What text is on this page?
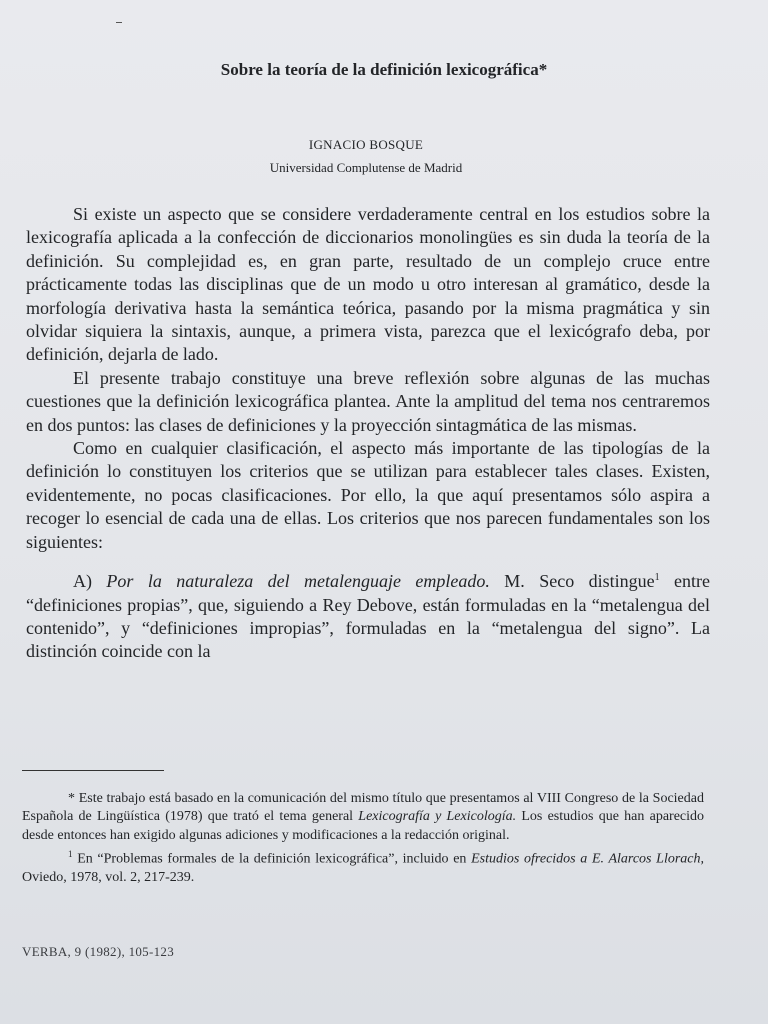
Sobre la teoría de la definición lexicográfica*
IGNACIO BOSQUE
Universidad Complutense de Madrid

Si existe un aspecto que se considere verdaderamente central en los estudios sobre la lexicografía aplicada a la confección de diccionarios monolingües es sin duda la teoría de la definición. Su complejidad es, en gran parte, resultado de un complejo cruce entre prácticamente todas las disciplinas que de un modo u otro interesan al gramático, desde la morfología derivativa hasta la semántica teórica, pasando por la misma pragmática y sin olvidar siquiera la sintaxis, aunque, a primera vista, parezca que el lexicógrafo deba, por definición, dejarla de lado.

El presente trabajo constituye una breve reflexión sobre algunas de las muchas cuestiones que la definición lexicográfica plantea. Ante la amplitud del tema nos centraremos en dos puntos: las clases de definiciones y la proyección sintagmática de las mismas.

Como en cualquier clasificación, el aspecto más importante de las tipologías de la definición lo constituyen los criterios que se utilizan para establecer tales clases. Existen, evidentemente, no pocas clasificaciones. Por ello, la que aquí presentamos sólo aspira a recoger lo esencial de cada una de ellas. Los criterios que nos parecen fundamentales son los siguientes:

A) Por la naturaleza del metalenguaje empleado. M. Seco distingue$^1$ entre “definiciones propias”, que, siguiendo a Rey Debove, están formuladas en la “metalengua del contenido”, y “definiciones impropias”, formuladas en la “metalengua del signo”. La distinción coincide con la

* Este trabajo está basado en la comunicación del mismo título que presentamos al VIII Congreso de la Sociedad Española de Lingüística (1978) que trató el tema general Lexicografía y Lexicología. Los estudios que han aparecido desde entonces han exigido algunas adiciones y modificaciones a la redacción original.

$^1$ En “Problemas formales de la definición lexicográfica”, incluido en Estudios ofrecidos a E. Alarcos Llorach, Oviedo, 1978, vol. 2, 217-239.

VERBA, 9 (1982), 105-123
